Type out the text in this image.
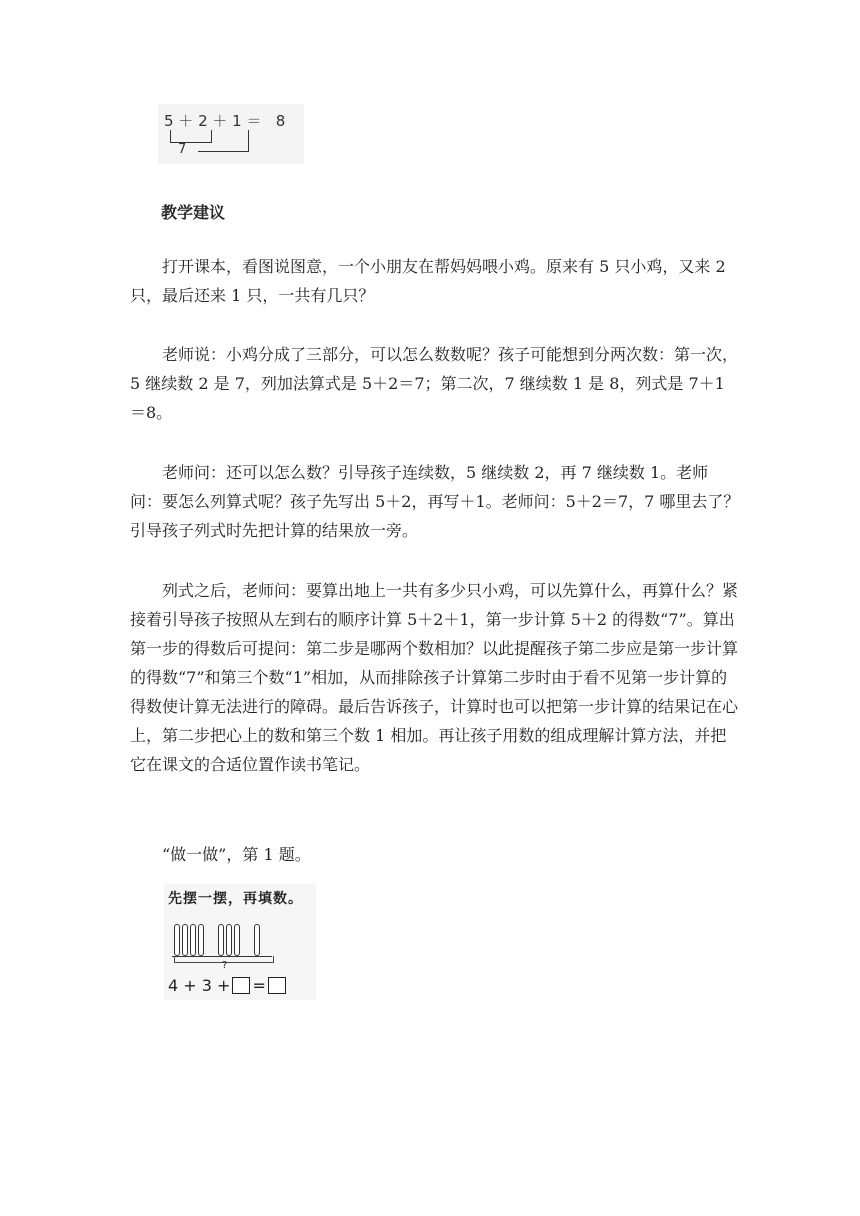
5 ＋ 2 ＋ 1 ＝   8
7
教学建议

打开课本，看图说图意，一个小朋友在帮妈妈喂小鸡。原来有 5 只小鸡，又来 2 只，最后还来 1 只，一共有几只？

老师说：小鸡分成了三部分，可以怎么数数呢？孩子可能想到分两次数：第一次，5 继续数 2 是 7，列加法算式是 5＋2＝7；第二次，7 继续数 1 是 8，列式是 7＋1＝8。

老师问：还可以怎么数？引导孩子连续数，5 继续数 2，再 7 继续数 1。老师问：要怎么列算式呢？孩子先写出 5＋2，再写＋1。老师问：5＋2＝7，7 哪里去了？引导孩子列式时先把计算的结果放一旁。

列式之后，老师问：要算出地上一共有多少只小鸡，可以先算什么，再算什么？紧接着引导孩子按照从左到右的顺序计算 5＋2＋1，第一步计算 5＋2 的得数“7”。算出第一步的得数后可提问：第二步是哪两个数相加？以此提醒孩子第二步应是第一步计算的得数“7”和第三个数“1”相加，从而排除孩子计算第二步时由于看不见第一步计算的得数使计算无法进行的障碍。最后告诉孩子，计算时也可以把第一步计算的结果记在心上，第二步把心上的数和第三个数 1 相加。再让孩子用数的组成理解计算方法，并把它在课文的合适位置作读书笔记。

“做一做”，第 1 题。

先摆一摆，再填数。
?
4 + 3 + =
